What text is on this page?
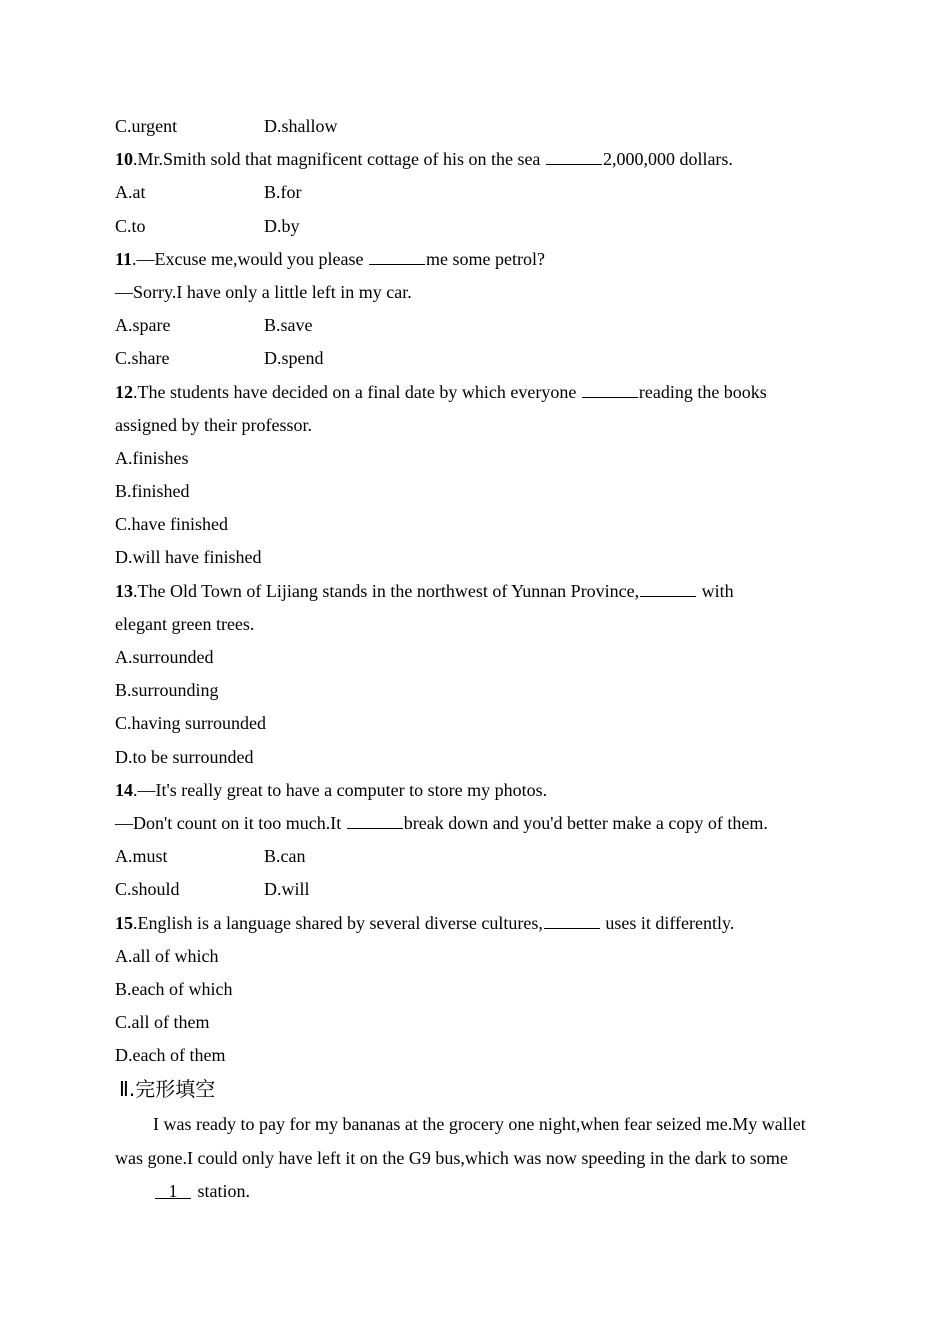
C.urgent	D.shallow
10.Mr.Smith sold that magnificent cottage of his on the sea	2,000,000 dollars.
A.at	B.for
C.to	D.by
11.—Excuse me,would you please	me some petrol?
—Sorry.I have only a little left in my car.
A.spare	B.save
C.share	D.spend
12.The students have decided on a final date by which everyone	reading the books
assigned by their professor.
A.finishes
B.finished
C.have finished
D.will have finished
13.The Old Town of Lijiang stands in the northwest of Yunnan Province,	with
elegant green trees.
A.surrounded
B.surrounding
C.having surrounded
D.to be surrounded
14.—It's really great to have a computer to store my photos.
—Don't count on it too much.It	break down and you'd better make a copy of them.
A.must	B.can
C.should	D.will
15.English is a language shared by several diverse cultures,	uses it differently.
A.all of which
B.each of which
C.all of them
D.each of them
Ⅱ.完形填空
I was ready to pay for my bananas at the grocery one night,when fear seized me.My wallet was gone.I could only have left it on the G9 bus,which was now speeding in the dark to some    1    station.
